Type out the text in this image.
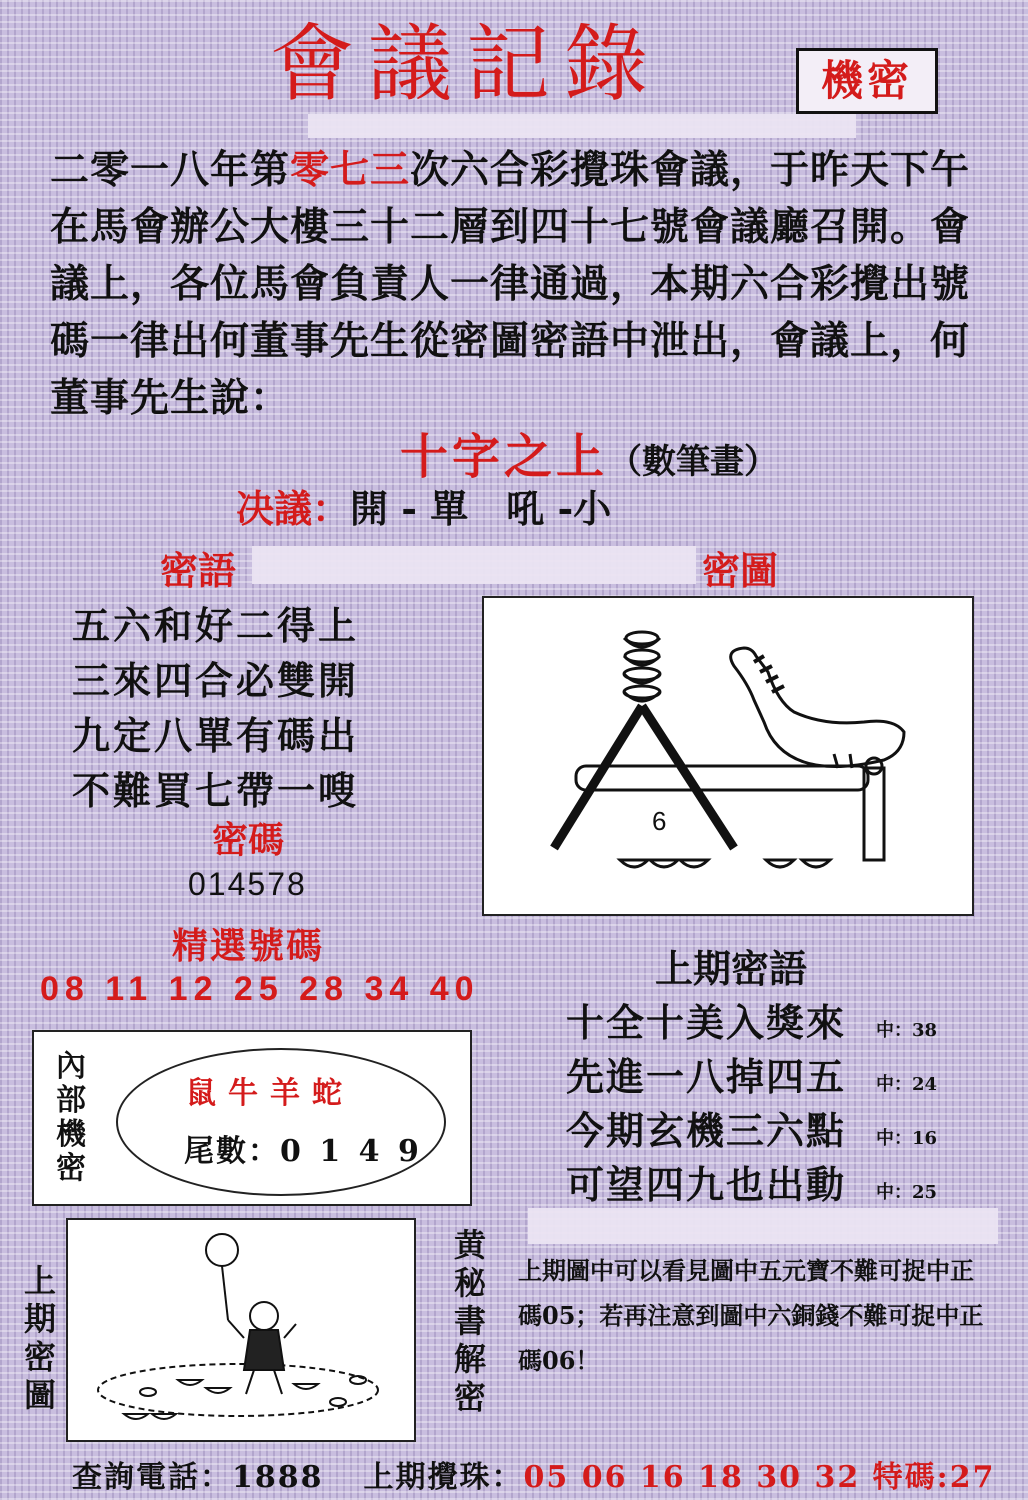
會議記錄	機密
二零一八年第零七三次六合彩攪珠會議，于昨天下午在馬會辦公大樓三十二層到四十七號會議廳召開。會議上，各位馬會負責人一律通過，本期六合彩攪出號碼一律出何董事先生從密圖密語中泄出，會議上，何董事先生說：
十字之上（數筆畫）
决議：開 - 單　吼 -小
密語	密圖
五六和好二得上
三來四合必雙開
九定八單有碼出
不難買七帶一嗖
6
密碼
014578
精選號碼
08 11 12 25 28 34 40	上期密語
十全十美入獎來 中：38
先進一八掉四五 中：24
今期玄機三六點 中：16
可望四九也出動 中：25
內部機密
鼠牛羊蛇
尾數：0 1 4 9
上期密圖
黄秘書解密
上期圖中可以看見圖中五元寶不難可捉中正碼05；若再注意到圖中六銅錢不難可捉中正碼06！
查詢電話：1888 上期攪珠：05 06 16 18 30 32 特碼:27
